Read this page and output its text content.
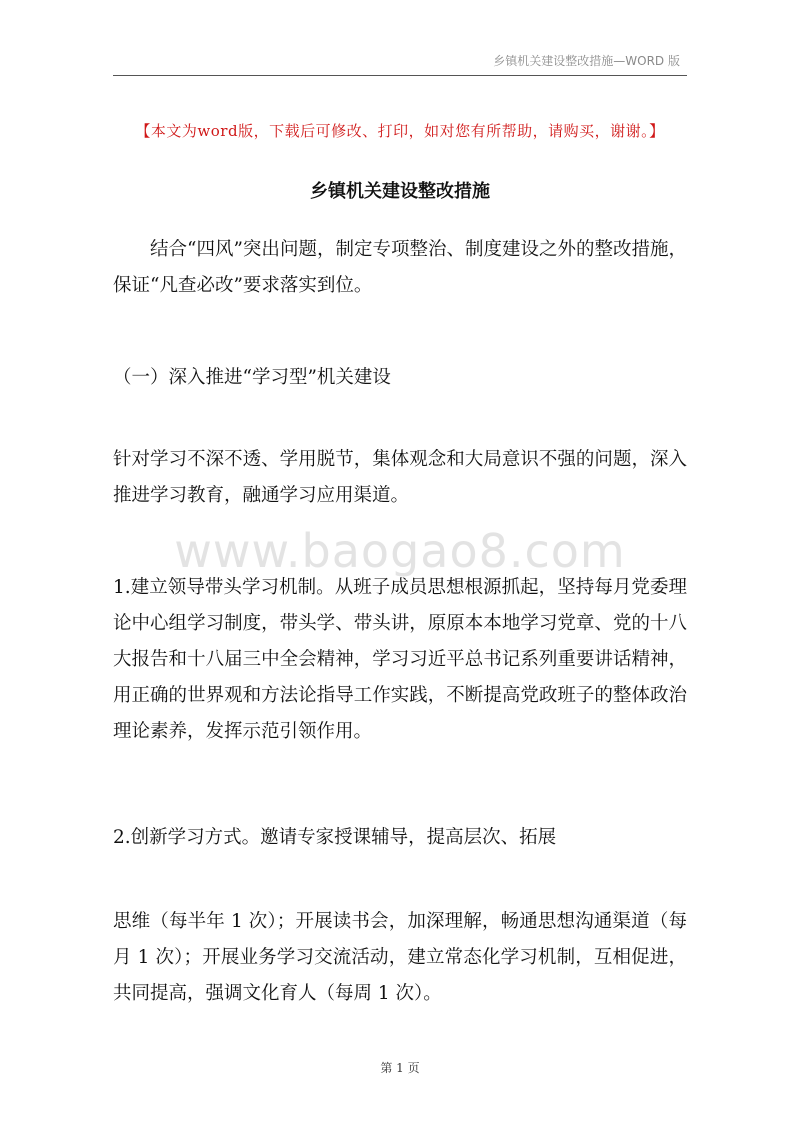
乡镇机关建设整改措施—WORD 版
【本文为word版，下载后可修改、打印，如对您有所帮助，请购买，谢谢。】
乡镇机关建设整改措施

结合“四风”突出问题，制定专项整治、制度建设之外的整改措施，保证“凡查必改”要求落实到位。

（一）深入推进“学习型”机关建设

针对学习不深不透、学用脱节，集体观念和大局意识不强的问题，深入推进学习教育，融通学习应用渠道。

www.baogao8.com

1.建立领导带头学习机制。从班子成员思想根源抓起，坚持每月党委理论中心组学习制度，带头学、带头讲，原原本本地学习党章、党的十八大报告和十八届三中全会精神，学习习近平总书记系列重要讲话精神，用正确的世界观和方法论指导工作实践，不断提高党政班子的整体政治理论素养，发挥示范引领作用。

2.创新学习方式。邀请专家授课辅导，提高层次、拓展

思维（每半年 1 次）；开展读书会，加深理解，畅通思想沟通渠道（每月 1 次）；开展业务学习交流活动，建立常态化学习机制，互相促进，共同提高，强调文化育人（每周 1 次）。

第 1 页
